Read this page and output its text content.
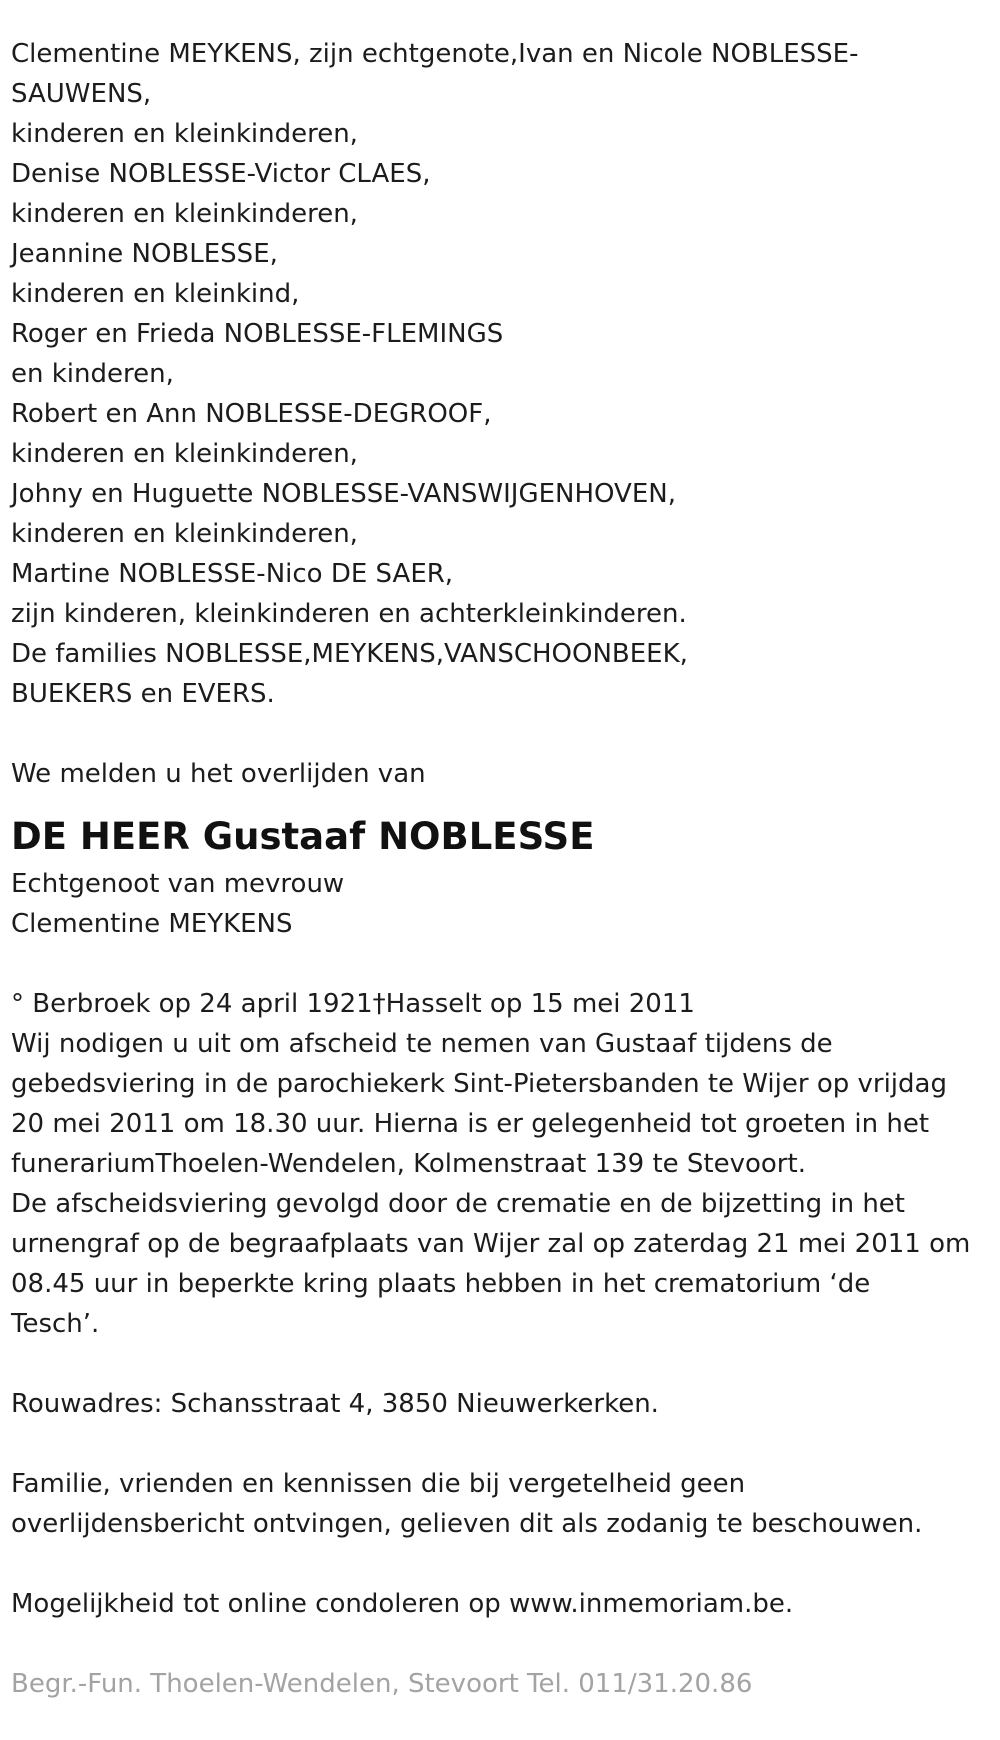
Clementine MEYKENS, zijn echtgenote,Ivan en Nicole NOBLESSE-
SAUWENS,
kinderen en kleinkinderen,
Denise NOBLESSE-Victor CLAES,
kinderen en kleinkinderen,
Jeannine NOBLESSE,
kinderen en kleinkind,
Roger en Frieda NOBLESSE-FLEMINGS
en kinderen,
Robert en Ann NOBLESSE-DEGROOF,
kinderen en kleinkinderen,
Johny en Huguette NOBLESSE-VANSWIJGENHOVEN,
kinderen en kleinkinderen,
Martine NOBLESSE-Nico DE SAER,
zijn kinderen, kleinkinderen en achterkleinkinderen.
De families NOBLESSE,MEYKENS,VANSCHOONBEEK,
BUEKERS en EVERS.
We melden u het overlijden van
DE HEER Gustaaf NOBLESSE
Echtgenoot van mevrouw
Clementine MEYKENS
° Berbroek op 24 april 1921†Hasselt op 15 mei 2011
Wij nodigen u uit om afscheid te nemen van Gustaaf tijdens de
gebedsviering in de parochiekerk Sint-Pietersbanden te Wijer op vrijdag
20 mei 2011 om 18.30 uur. Hierna is er gelegenheid tot groeten in het
funerariumThoelen-Wendelen, Kolmenstraat 139 te Stevoort.
De afscheidsviering gevolgd door de crematie en de bijzetting in het
urnengraf op de begraafplaats van Wijer zal op zaterdag 21 mei 2011 om
08.45 uur in beperkte kring plaats hebben in het crematorium ‘de
Tesch’.
Rouwadres: Schansstraat 4, 3850 Nieuwerkerken.
Familie, vrienden en kennissen die bij vergetelheid geen
overlijdensbericht ontvingen, gelieven dit als zodanig te beschouwen.
Mogelijkheid tot online condoleren op www.inmemoriam.be.
Begr.-Fun. Thoelen-Wendelen, Stevoort Tel. 011/31.20.86
